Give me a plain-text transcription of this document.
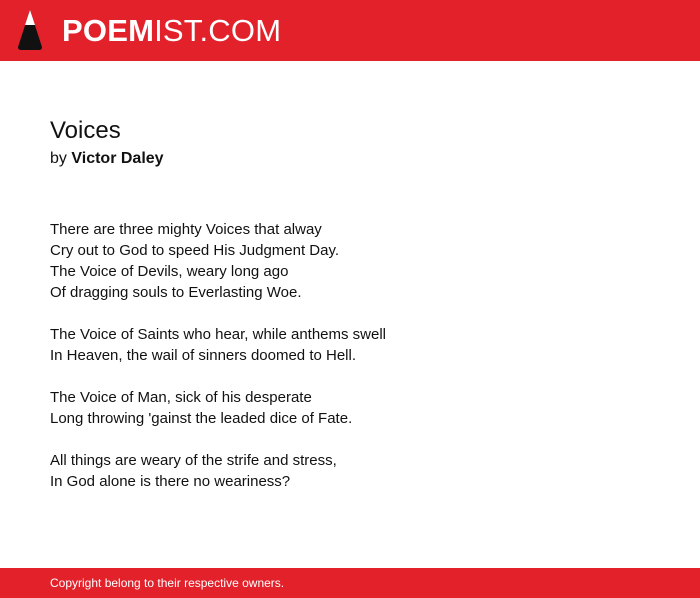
POEMIST.COM
Voices
by Victor Daley

There are three mighty Voices that alway
Cry out to God to speed His Judgment Day.
The Voice of Devils, weary long ago
Of dragging souls to Everlasting Woe.

The Voice of Saints who hear, while anthems swell
In Heaven, the wail of sinners doomed to Hell.

The Voice of Man, sick of his desperate
Long throwing 'gainst the leaded dice of Fate.

All things are weary of the strife and stress,
In God alone is there no weariness?

Copyright belong to their respective owners.
